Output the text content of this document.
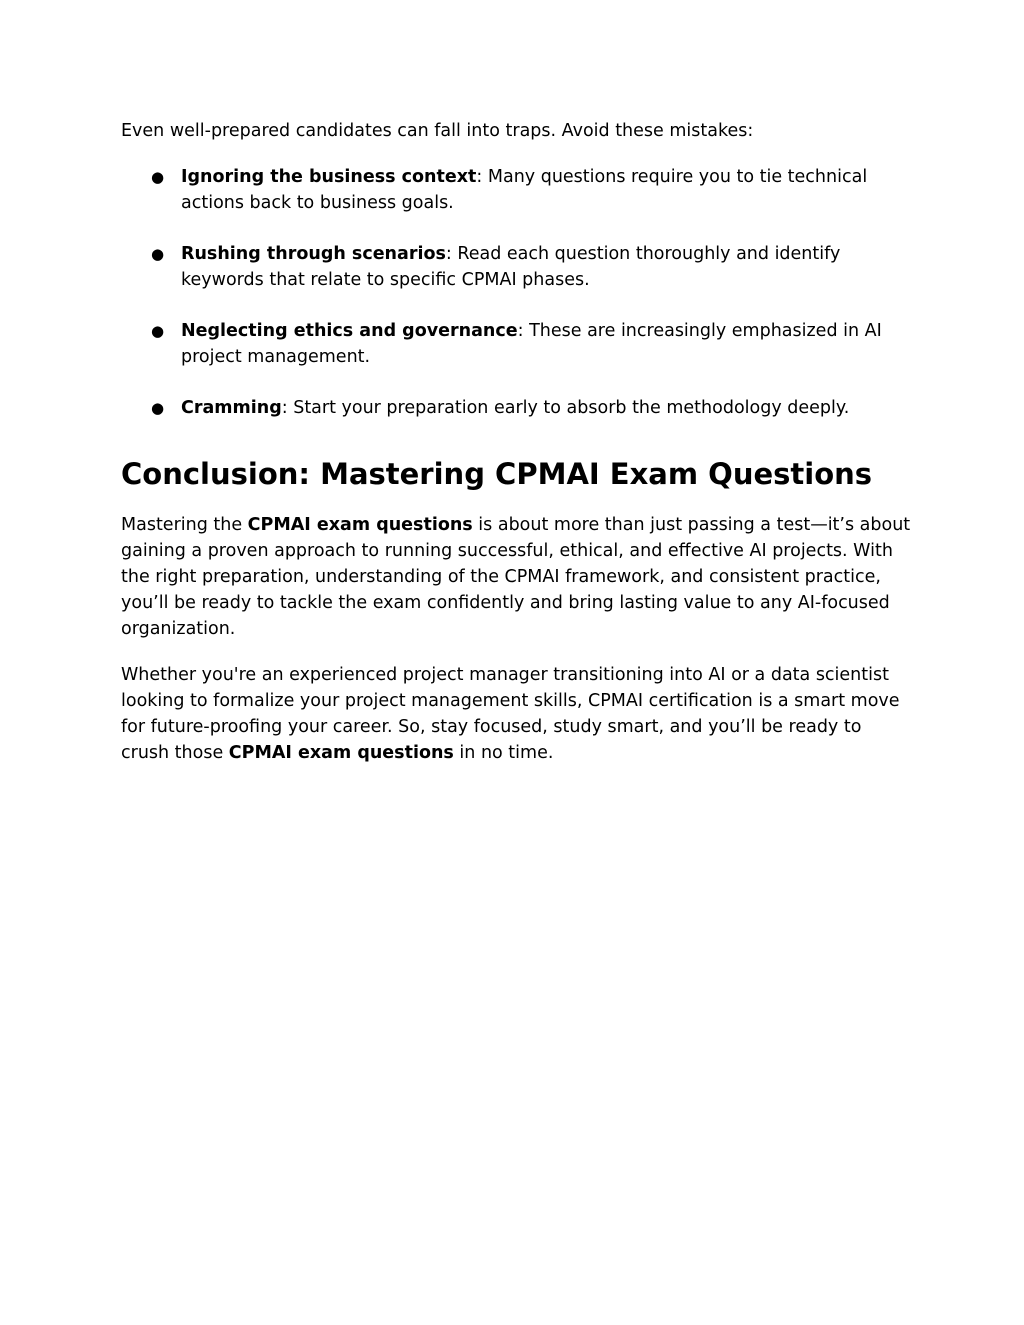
Even well-prepared candidates can fall into traps. Avoid these mistakes:

● Ignoring the business context: Many questions require you to tie technical actions back to business goals.
● Rushing through scenarios: Read each question thoroughly and identify keywords that relate to specific CPMAI phases.
● Neglecting ethics and governance: These are increasingly emphasized in AI project management.
● Cramming: Start your preparation early to absorb the methodology deeply.
Conclusion: Mastering CPMAI Exam Questions

Mastering the CPMAI exam questions is about more than just passing a test—it’s about gaining a proven approach to running successful, ethical, and effective AI projects. With the right preparation, understanding of the CPMAI framework, and consistent practice, you’ll be ready to tackle the exam confidently and bring lasting value to any AI-focused organization.

Whether you're an experienced project manager transitioning into AI or a data scientist looking to formalize your project management skills, CPMAI certification is a smart move for future-proofing your career. So, stay focused, study smart, and you’ll be ready to crush those CPMAI exam questions in no time.
